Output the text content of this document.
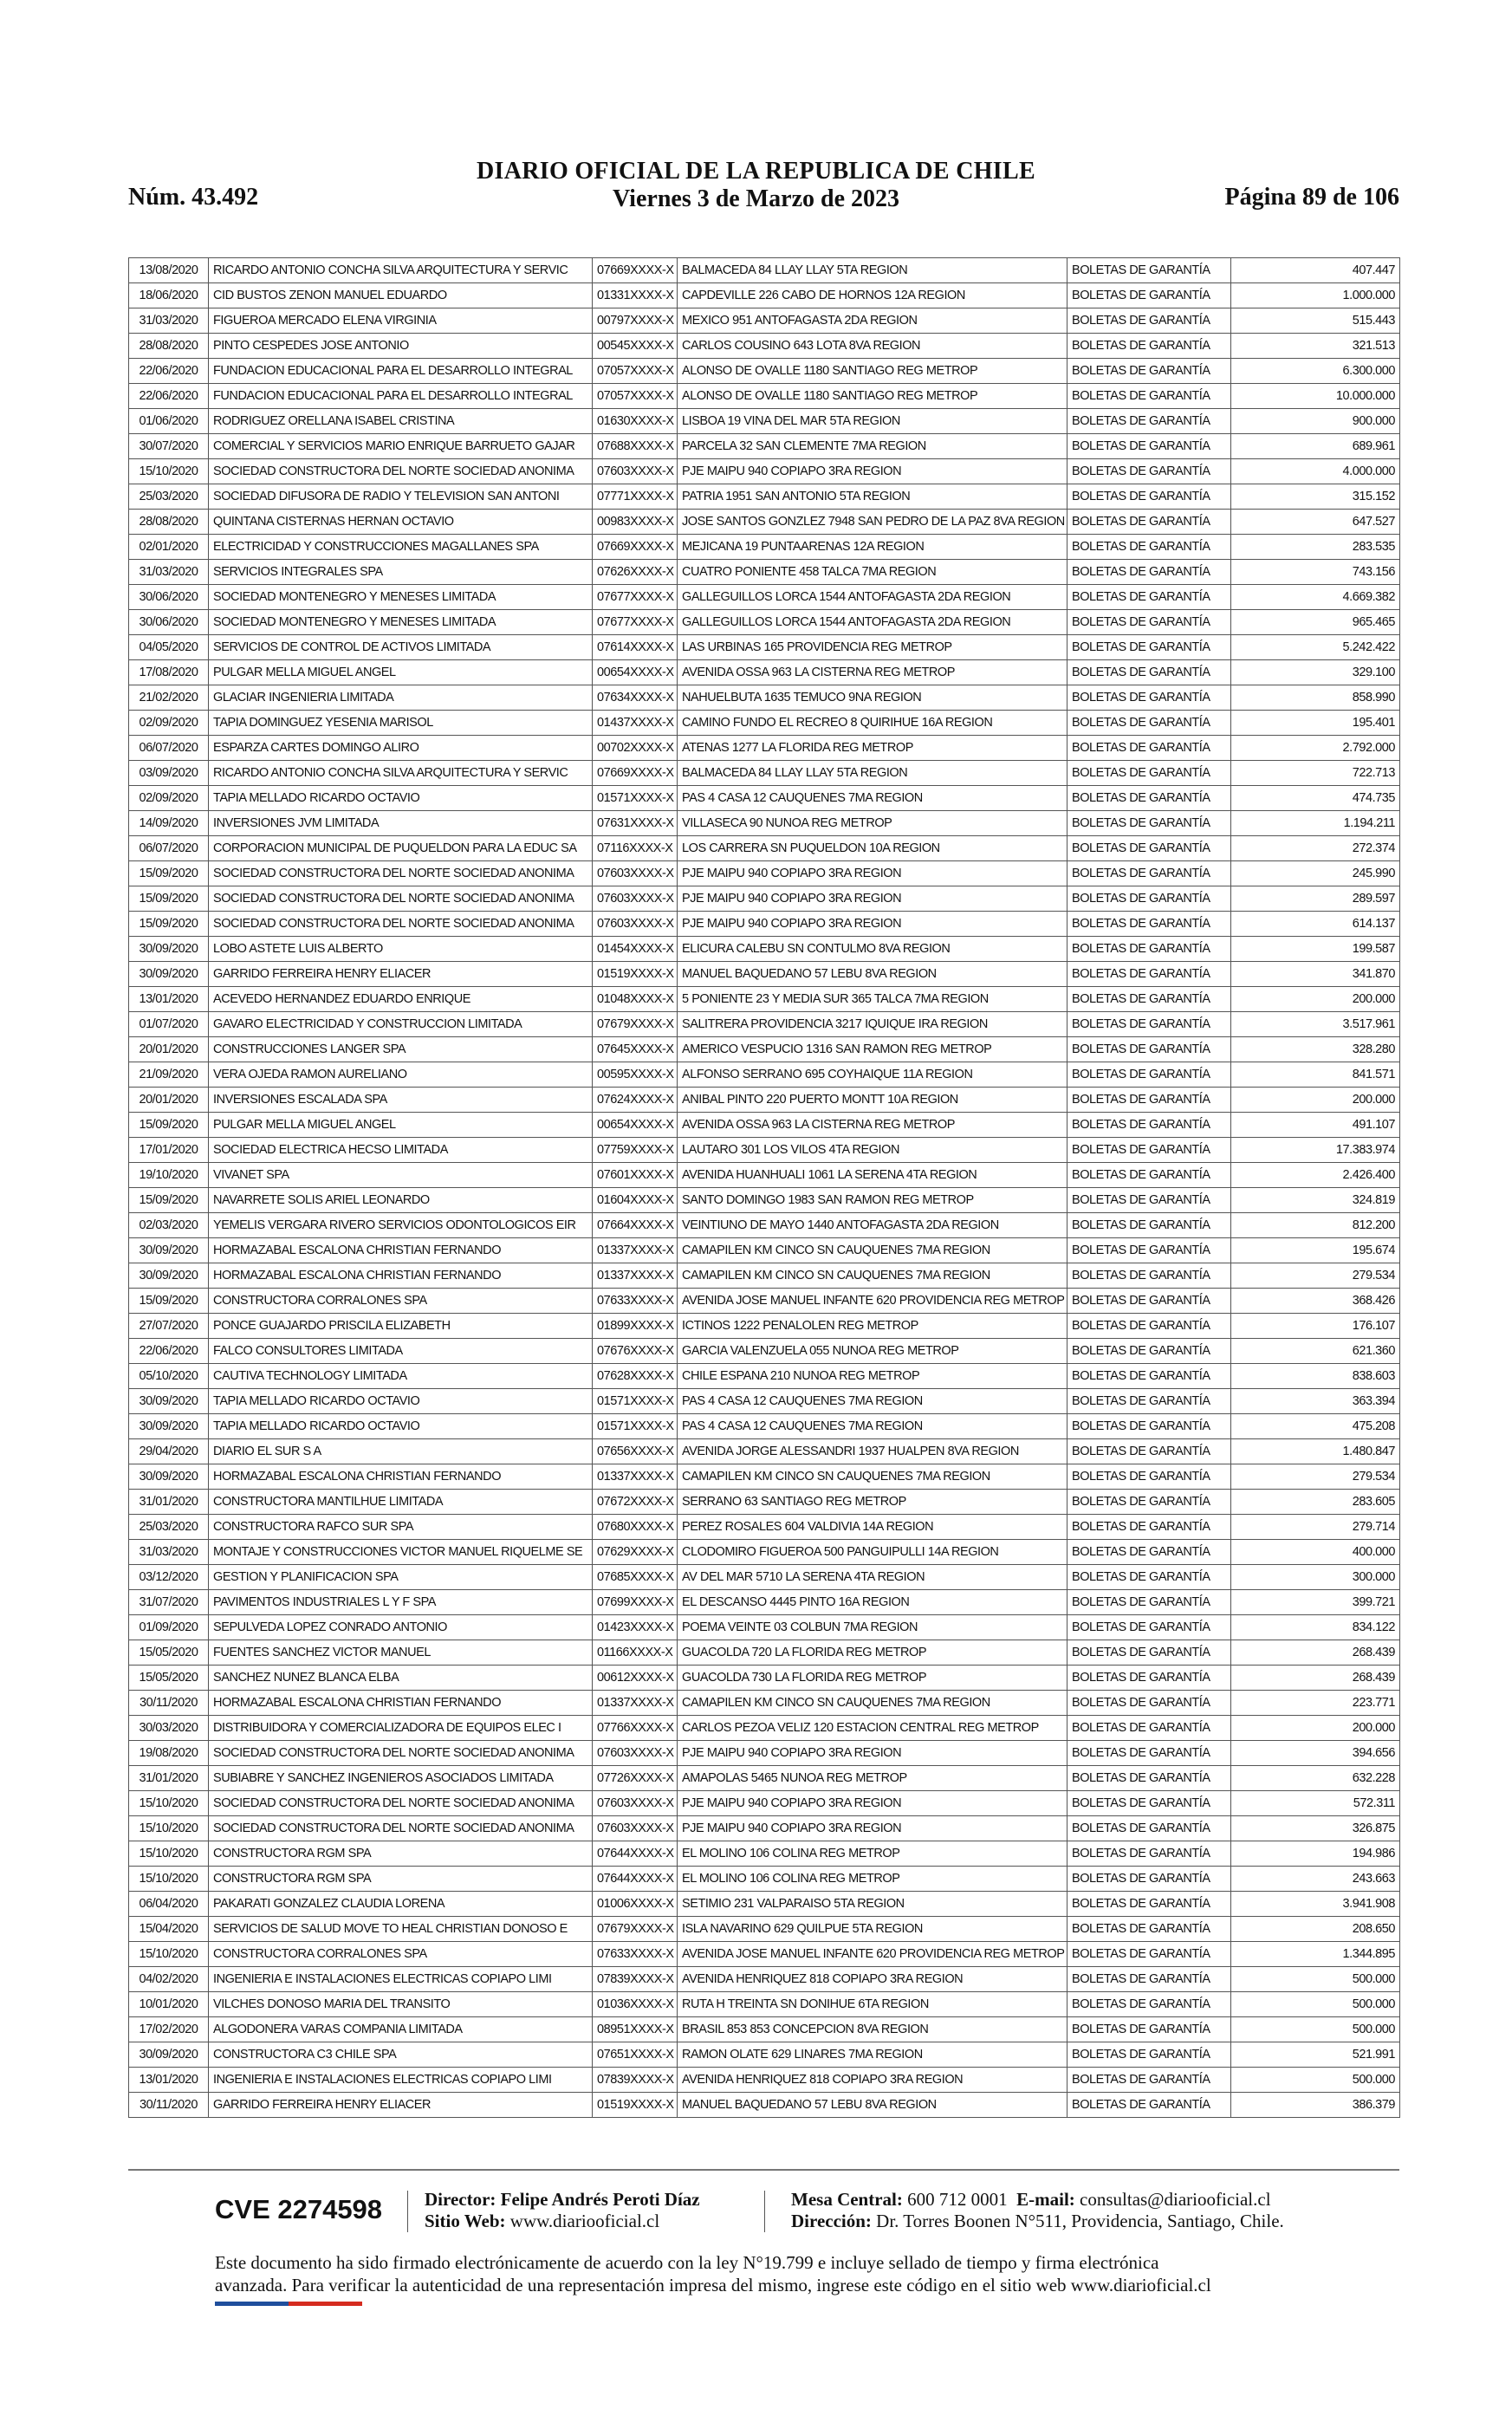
DIARIO OFICIAL DE LA REPUBLICA DE CHILE
Viernes 3 de Marzo de 2023
Núm. 43.492	Página 89 de 106
13/08/2020	RICARDO ANTONIO CONCHA SILVA ARQUITECTURA Y SERVIC	07669XXXX-X	BALMACEDA 84 LLAY LLAY 5TA REGION	BOLETAS DE GARANTÍA	407.447
18/06/2020	CID BUSTOS ZENON MANUEL EDUARDO	01331XXXX-X	CAPDEVILLE 226 CABO DE HORNOS 12A REGION	BOLETAS DE GARANTÍA	1.000.000
31/03/2020	FIGUEROA MERCADO ELENA VIRGINIA	00797XXXX-X	MEXICO 951 ANTOFAGASTA 2DA REGION	BOLETAS DE GARANTÍA	515.443
28/08/2020	PINTO CESPEDES JOSE ANTONIO	00545XXXX-X	CARLOS COUSINO 643 LOTA 8VA REGION	BOLETAS DE GARANTÍA	321.513
22/06/2020	FUNDACION EDUCACIONAL PARA EL DESARROLLO INTEGRAL	07057XXXX-X	ALONSO DE OVALLE 1180 SANTIAGO REG METROP	BOLETAS DE GARANTÍA	6.300.000
22/06/2020	FUNDACION EDUCACIONAL PARA EL DESARROLLO INTEGRAL	07057XXXX-X	ALONSO DE OVALLE 1180 SANTIAGO REG METROP	BOLETAS DE GARANTÍA	10.000.000
01/06/2020	RODRIGUEZ ORELLANA ISABEL CRISTINA	01630XXXX-X	LISBOA 19 VINA DEL MAR 5TA REGION	BOLETAS DE GARANTÍA	900.000
30/07/2020	COMERCIAL Y SERVICIOS MARIO ENRIQUE BARRUETO GAJAR	07688XXXX-X	PARCELA 32 SAN CLEMENTE 7MA REGION	BOLETAS DE GARANTÍA	689.961
15/10/2020	SOCIEDAD CONSTRUCTORA DEL NORTE SOCIEDAD ANONIMA	07603XXXX-X	PJE MAIPU 940 COPIAPO 3RA REGION	BOLETAS DE GARANTÍA	4.000.000
25/03/2020	SOCIEDAD DIFUSORA DE RADIO Y TELEVISION SAN ANTONI	07771XXXX-X	PATRIA 1951 SAN ANTONIO 5TA REGION	BOLETAS DE GARANTÍA	315.152
28/08/2020	QUINTANA CISTERNAS HERNAN OCTAVIO	00983XXXX-X	JOSE SANTOS GONZLEZ 7948 SAN PEDRO DE LA PAZ 8VA REGION	BOLETAS DE GARANTÍA	647.527
02/01/2020	ELECTRICIDAD Y CONSTRUCCIONES MAGALLANES SPA	07669XXXX-X	MEJICANA 19 PUNTAARENAS 12A REGION	BOLETAS DE GARANTÍA	283.535
31/03/2020	SERVICIOS INTEGRALES SPA	07626XXXX-X	CUATRO PONIENTE 458 TALCA 7MA REGION	BOLETAS DE GARANTÍA	743.156
30/06/2020	SOCIEDAD MONTENEGRO Y MENESES LIMITADA	07677XXXX-X	GALLEGUILLOS LORCA 1544 ANTOFAGASTA 2DA REGION	BOLETAS DE GARANTÍA	4.669.382
30/06/2020	SOCIEDAD MONTENEGRO Y MENESES LIMITADA	07677XXXX-X	GALLEGUILLOS LORCA 1544 ANTOFAGASTA 2DA REGION	BOLETAS DE GARANTÍA	965.465
04/05/2020	SERVICIOS DE CONTROL DE ACTIVOS LIMITADA	07614XXXX-X	LAS URBINAS 165 PROVIDENCIA REG METROP	BOLETAS DE GARANTÍA	5.242.422
17/08/2020	PULGAR MELLA MIGUEL ANGEL	00654XXXX-X	AVENIDA OSSA 963 LA CISTERNA REG METROP	BOLETAS DE GARANTÍA	329.100
21/02/2020	GLACIAR INGENIERIA LIMITADA	07634XXXX-X	NAHUELBUTA 1635 TEMUCO 9NA REGION	BOLETAS DE GARANTÍA	858.990
02/09/2020	TAPIA DOMINGUEZ YESENIA MARISOL	01437XXXX-X	CAMINO FUNDO EL RECREO 8 QUIRIHUE 16A REGION	BOLETAS DE GARANTÍA	195.401
06/07/2020	ESPARZA CARTES DOMINGO ALIRO	00702XXXX-X	ATENAS 1277 LA FLORIDA REG METROP	BOLETAS DE GARANTÍA	2.792.000
03/09/2020	RICARDO ANTONIO CONCHA SILVA ARQUITECTURA Y SERVIC	07669XXXX-X	BALMACEDA 84 LLAY LLAY 5TA REGION	BOLETAS DE GARANTÍA	722.713
02/09/2020	TAPIA MELLADO RICARDO OCTAVIO	01571XXXX-X	PAS 4 CASA 12 CAUQUENES 7MA REGION	BOLETAS DE GARANTÍA	474.735
14/09/2020	INVERSIONES JVM LIMITADA	07631XXXX-X	VILLASECA 90 NUNOA REG METROP	BOLETAS DE GARANTÍA	1.194.211
06/07/2020	CORPORACION MUNICIPAL DE PUQUELDON PARA LA EDUC SA	07116XXXX-X	LOS CARRERA SN PUQUELDON 10A REGION	BOLETAS DE GARANTÍA	272.374
15/09/2020	SOCIEDAD CONSTRUCTORA DEL NORTE SOCIEDAD ANONIMA	07603XXXX-X	PJE MAIPU 940 COPIAPO 3RA REGION	BOLETAS DE GARANTÍA	245.990
15/09/2020	SOCIEDAD CONSTRUCTORA DEL NORTE SOCIEDAD ANONIMA	07603XXXX-X	PJE MAIPU 940 COPIAPO 3RA REGION	BOLETAS DE GARANTÍA	289.597
15/09/2020	SOCIEDAD CONSTRUCTORA DEL NORTE SOCIEDAD ANONIMA	07603XXXX-X	PJE MAIPU 940 COPIAPO 3RA REGION	BOLETAS DE GARANTÍA	614.137
30/09/2020	LOBO ASTETE LUIS ALBERTO	01454XXXX-X	ELICURA CALEBU SN CONTULMO 8VA REGION	BOLETAS DE GARANTÍA	199.587
30/09/2020	GARRIDO FERREIRA HENRY ELIACER	01519XXXX-X	MANUEL BAQUEDANO 57 LEBU 8VA REGION	BOLETAS DE GARANTÍA	341.870
13/01/2020	ACEVEDO HERNANDEZ EDUARDO ENRIQUE	01048XXXX-X	5 PONIENTE 23 Y MEDIA SUR 365 TALCA 7MA REGION	BOLETAS DE GARANTÍA	200.000
01/07/2020	GAVARO ELECTRICIDAD Y CONSTRUCCION LIMITADA	07679XXXX-X	SALITRERA PROVIDENCIA 3217 IQUIQUE IRA REGION	BOLETAS DE GARANTÍA	3.517.961
20/01/2020	CONSTRUCCIONES LANGER SPA	07645XXXX-X	AMERICO VESPUCIO 1316 SAN RAMON REG METROP	BOLETAS DE GARANTÍA	328.280
21/09/2020	VERA OJEDA RAMON AURELIANO	00595XXXX-X	ALFONSO SERRANO 695 COYHAIQUE 11A REGION	BOLETAS DE GARANTÍA	841.571
20/01/2020	INVERSIONES ESCALADA SPA	07624XXXX-X	ANIBAL PINTO 220 PUERTO MONTT 10A REGION	BOLETAS DE GARANTÍA	200.000
15/09/2020	PULGAR MELLA MIGUEL ANGEL	00654XXXX-X	AVENIDA OSSA 963 LA CISTERNA REG METROP	BOLETAS DE GARANTÍA	491.107
17/01/2020	SOCIEDAD ELECTRICA HECSO LIMITADA	07759XXXX-X	LAUTARO 301 LOS VILOS 4TA REGION	BOLETAS DE GARANTÍA	17.383.974
19/10/2020	VIVANET SPA	07601XXXX-X	AVENIDA HUANHUALI 1061 LA SERENA 4TA REGION	BOLETAS DE GARANTÍA	2.426.400
15/09/2020	NAVARRETE SOLIS ARIEL LEONARDO	01604XXXX-X	SANTO DOMINGO 1983 SAN RAMON REG METROP	BOLETAS DE GARANTÍA	324.819
02/03/2020	YEMELIS VERGARA RIVERO SERVICIOS ODONTOLOGICOS EIR	07664XXXX-X	VEINTIUNO DE MAYO 1440 ANTOFAGASTA 2DA REGION	BOLETAS DE GARANTÍA	812.200
30/09/2020	HORMAZABAL ESCALONA CHRISTIAN FERNANDO	01337XXXX-X	CAMAPILEN KM CINCO SN CAUQUENES 7MA REGION	BOLETAS DE GARANTÍA	195.674
30/09/2020	HORMAZABAL ESCALONA CHRISTIAN FERNANDO	01337XXXX-X	CAMAPILEN KM CINCO SN CAUQUENES 7MA REGION	BOLETAS DE GARANTÍA	279.534
15/09/2020	CONSTRUCTORA CORRALONES SPA	07633XXXX-X	AVENIDA JOSE MANUEL INFANTE 620 PROVIDENCIA REG METROP	BOLETAS DE GARANTÍA	368.426
27/07/2020	PONCE GUAJARDO PRISCILA ELIZABETH	01899XXXX-X	ICTINOS 1222 PENALOLEN REG METROP	BOLETAS DE GARANTÍA	176.107
22/06/2020	FALCO CONSULTORES LIMITADA	07676XXXX-X	GARCIA VALENZUELA 055 NUNOA REG METROP	BOLETAS DE GARANTÍA	621.360
05/10/2020	CAUTIVA TECHNOLOGY LIMITADA	07628XXXX-X	CHILE ESPANA 210 NUNOA REG METROP	BOLETAS DE GARANTÍA	838.603
30/09/2020	TAPIA MELLADO RICARDO OCTAVIO	01571XXXX-X	PAS 4 CASA 12 CAUQUENES 7MA REGION	BOLETAS DE GARANTÍA	363.394
30/09/2020	TAPIA MELLADO RICARDO OCTAVIO	01571XXXX-X	PAS 4 CASA 12 CAUQUENES 7MA REGION	BOLETAS DE GARANTÍA	475.208
29/04/2020	DIARIO EL SUR S A	07656XXXX-X	AVENIDA JORGE ALESSANDRI 1937 HUALPEN 8VA REGION	BOLETAS DE GARANTÍA	1.480.847
30/09/2020	HORMAZABAL ESCALONA CHRISTIAN FERNANDO	01337XXXX-X	CAMAPILEN KM CINCO SN CAUQUENES 7MA REGION	BOLETAS DE GARANTÍA	279.534
31/01/2020	CONSTRUCTORA MANTILHUE LIMITADA	07672XXXX-X	SERRANO 63 SANTIAGO REG METROP	BOLETAS DE GARANTÍA	283.605
25/03/2020	CONSTRUCTORA RAFCO SUR SPA	07680XXXX-X	PEREZ ROSALES 604 VALDIVIA 14A REGION	BOLETAS DE GARANTÍA	279.714
31/03/2020	MONTAJE Y CONSTRUCCIONES VICTOR MANUEL RIQUELME SE	07629XXXX-X	CLODOMIRO FIGUEROA 500 PANGUIPULLI 14A REGION	BOLETAS DE GARANTÍA	400.000
03/12/2020	GESTION Y PLANIFICACION SPA	07685XXXX-X	AV DEL MAR 5710 LA SERENA 4TA REGION	BOLETAS DE GARANTÍA	300.000
31/07/2020	PAVIMENTOS INDUSTRIALES L Y F SPA	07699XXXX-X	EL DESCANSO 4445 PINTO 16A REGION	BOLETAS DE GARANTÍA	399.721
01/09/2020	SEPULVEDA LOPEZ CONRADO ANTONIO	01423XXXX-X	POEMA VEINTE 03 COLBUN 7MA REGION	BOLETAS DE GARANTÍA	834.122
15/05/2020	FUENTES SANCHEZ VICTOR MANUEL	01166XXXX-X	GUACOLDA 720 LA FLORIDA REG METROP	BOLETAS DE GARANTÍA	268.439
15/05/2020	SANCHEZ NUNEZ BLANCA ELBA	00612XXXX-X	GUACOLDA 730 LA FLORIDA REG METROP	BOLETAS DE GARANTÍA	268.439
30/11/2020	HORMAZABAL ESCALONA CHRISTIAN FERNANDO	01337XXXX-X	CAMAPILEN KM CINCO SN CAUQUENES 7MA REGION	BOLETAS DE GARANTÍA	223.771
30/03/2020	DISTRIBUIDORA Y COMERCIALIZADORA DE EQUIPOS ELEC I	07766XXXX-X	CARLOS PEZOA VELIZ 120 ESTACION CENTRAL REG METROP	BOLETAS DE GARANTÍA	200.000
19/08/2020	SOCIEDAD CONSTRUCTORA DEL NORTE SOCIEDAD ANONIMA	07603XXXX-X	PJE MAIPU 940 COPIAPO 3RA REGION	BOLETAS DE GARANTÍA	394.656
31/01/2020	SUBIABRE Y SANCHEZ INGENIEROS ASOCIADOS LIMITADA	07726XXXX-X	AMAPOLAS 5465 NUNOA REG METROP	BOLETAS DE GARANTÍA	632.228
15/10/2020	SOCIEDAD CONSTRUCTORA DEL NORTE SOCIEDAD ANONIMA	07603XXXX-X	PJE MAIPU 940 COPIAPO 3RA REGION	BOLETAS DE GARANTÍA	572.311
15/10/2020	SOCIEDAD CONSTRUCTORA DEL NORTE SOCIEDAD ANONIMA	07603XXXX-X	PJE MAIPU 940 COPIAPO 3RA REGION	BOLETAS DE GARANTÍA	326.875
15/10/2020	CONSTRUCTORA RGM SPA	07644XXXX-X	EL MOLINO 106 COLINA REG METROP	BOLETAS DE GARANTÍA	194.986
15/10/2020	CONSTRUCTORA RGM SPA	07644XXXX-X	EL MOLINO 106 COLINA REG METROP	BOLETAS DE GARANTÍA	243.663
06/04/2020	PAKARATI GONZALEZ CLAUDIA LORENA	01006XXXX-X	SETIMIO 231 VALPARAISO 5TA REGION	BOLETAS DE GARANTÍA	3.941.908
15/04/2020	SERVICIOS DE SALUD MOVE TO HEAL CHRISTIAN DONOSO E	07679XXXX-X	ISLA NAVARINO 629 QUILPUE 5TA REGION	BOLETAS DE GARANTÍA	208.650
15/10/2020	CONSTRUCTORA CORRALONES SPA	07633XXXX-X	AVENIDA JOSE MANUEL INFANTE 620 PROVIDENCIA REG METROP	BOLETAS DE GARANTÍA	1.344.895
04/02/2020	INGENIERIA E INSTALACIONES ELECTRICAS COPIAPO LIMI	07839XXXX-X	AVENIDA HENRIQUEZ 818 COPIAPO 3RA REGION	BOLETAS DE GARANTÍA	500.000
10/01/2020	VILCHES DONOSO MARIA DEL TRANSITO	01036XXXX-X	RUTA H TREINTA SN DONIHUE 6TA REGION	BOLETAS DE GARANTÍA	500.000
17/02/2020	ALGODONERA VARAS COMPANIA LIMITADA	08951XXXX-X	BRASIL 853 853 CONCEPCION 8VA REGION	BOLETAS DE GARANTÍA	500.000
30/09/2020	CONSTRUCTORA C3 CHILE SPA	07651XXXX-X	RAMON OLATE 629 LINARES 7MA REGION	BOLETAS DE GARANTÍA	521.991
13/01/2020	INGENIERIA E INSTALACIONES ELECTRICAS COPIAPO LIMI	07839XXXX-X	AVENIDA HENRIQUEZ 818 COPIAPO 3RA REGION	BOLETAS DE GARANTÍA	500.000
30/11/2020	GARRIDO FERREIRA HENRY ELIACER	01519XXXX-X	MANUEL BAQUEDANO 57 LEBU 8VA REGION	BOLETAS DE GARANTÍA	386.379
CVE 2274598 Director: Felipe Andrés Peroti Díaz
Sitio Web: www.diariooficial.cl
Mesa Central: 600 712 0001 E-mail: consultas@diariooficial.cl
Dirección: Dr. Torres Boonen N°511, Providencia, Santiago, Chile.
Este documento ha sido firmado electrónicamente de acuerdo con la ley N°19.799 e incluye sellado de tiempo y firma electrónica
avanzada. Para verificar la autenticidad de una representación impresa del mismo, ingrese este código en el sitio web www.diarioficial.cl
